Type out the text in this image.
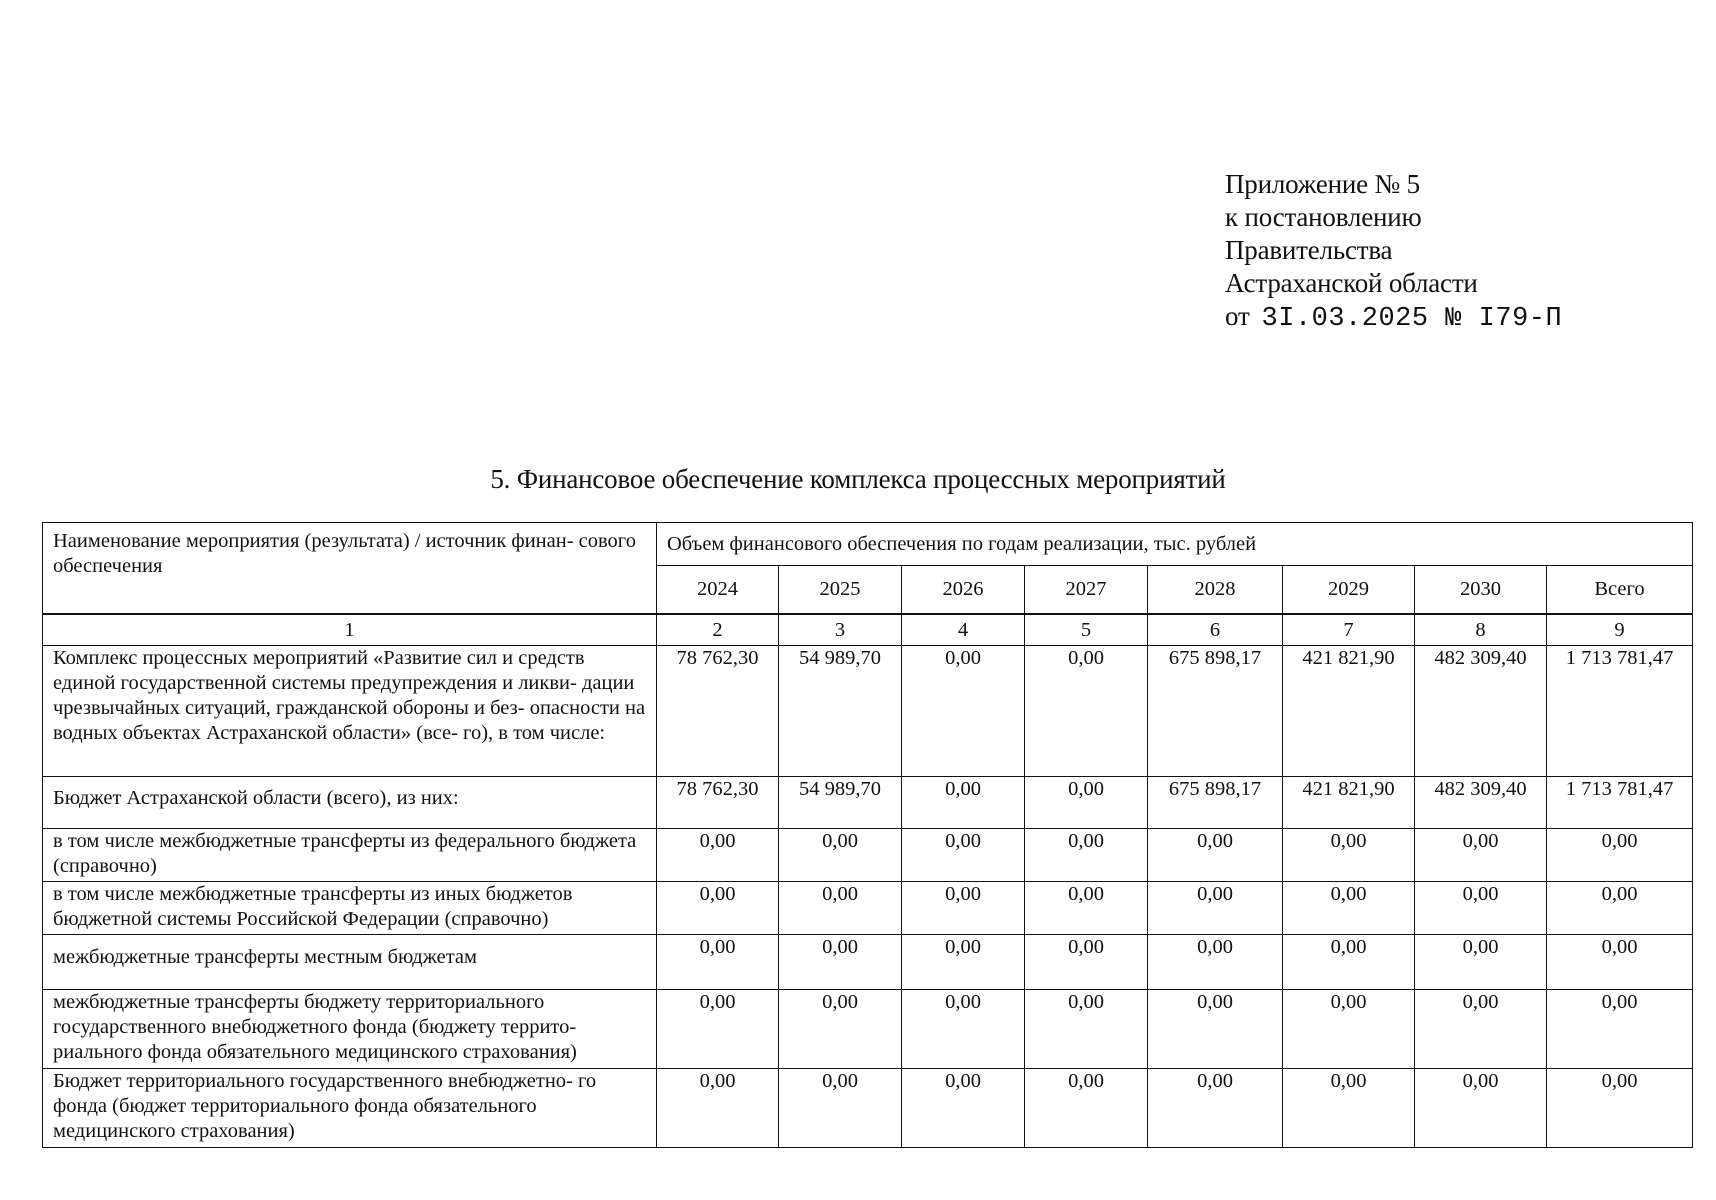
Приложение № 5
к постановлению
Правительства
Астраханской области
от 3I.03.2025 № I79-П
5. Финансовое обеспечение комплекса процессных мероприятий
Наименование мероприятия (результата) / источник финан- сового обеспечения	Объем финансового обеспечения по годам реализации, тыс. рублей							
	2024	2025	2026	2027	2028	2029	2030	Всего
1	2	3	4	5	6	7	8	9
Комплекс процессных мероприятий «Развитие сил и средств единой государственной системы предупреждения и ликви- дации чрезвычайных ситуаций, гражданской обороны и без- опасности на водных объектах Астраханской области» (все- го), в том числе:	78 762,30	54 989,70	0,00	0,00	675 898,17	421 821,90	482 309,40	1 713 781,47
Бюджет Астраханской области (всего), из них:	78 762,30	54 989,70	0,00	0,00	675 898,17	421 821,90	482 309,40	1 713 781,47
в том числе межбюджетные трансферты из федерального бюджета (справочно)	0,00	0,00	0,00	0,00	0,00	0,00	0,00	0,00
в том числе межбюджетные трансферты из иных бюджетов бюджетной системы Российской Федерации (справочно)	0,00	0,00	0,00	0,00	0,00	0,00	0,00	0,00
межбюджетные трансферты местным бюджетам	0,00	0,00	0,00	0,00	0,00	0,00	0,00	0,00
межбюджетные трансферты бюджету территориального государственного внебюджетного фонда (бюджету террито- риального фонда обязательного медицинского страхования)	0,00	0,00	0,00	0,00	0,00	0,00	0,00	0,00
Бюджет территориального государственного внебюджетно- го фонда (бюджет территориального фонда обязательного медицинского страхования)	0,00	0,00	0,00	0,00	0,00	0,00	0,00	0,00
